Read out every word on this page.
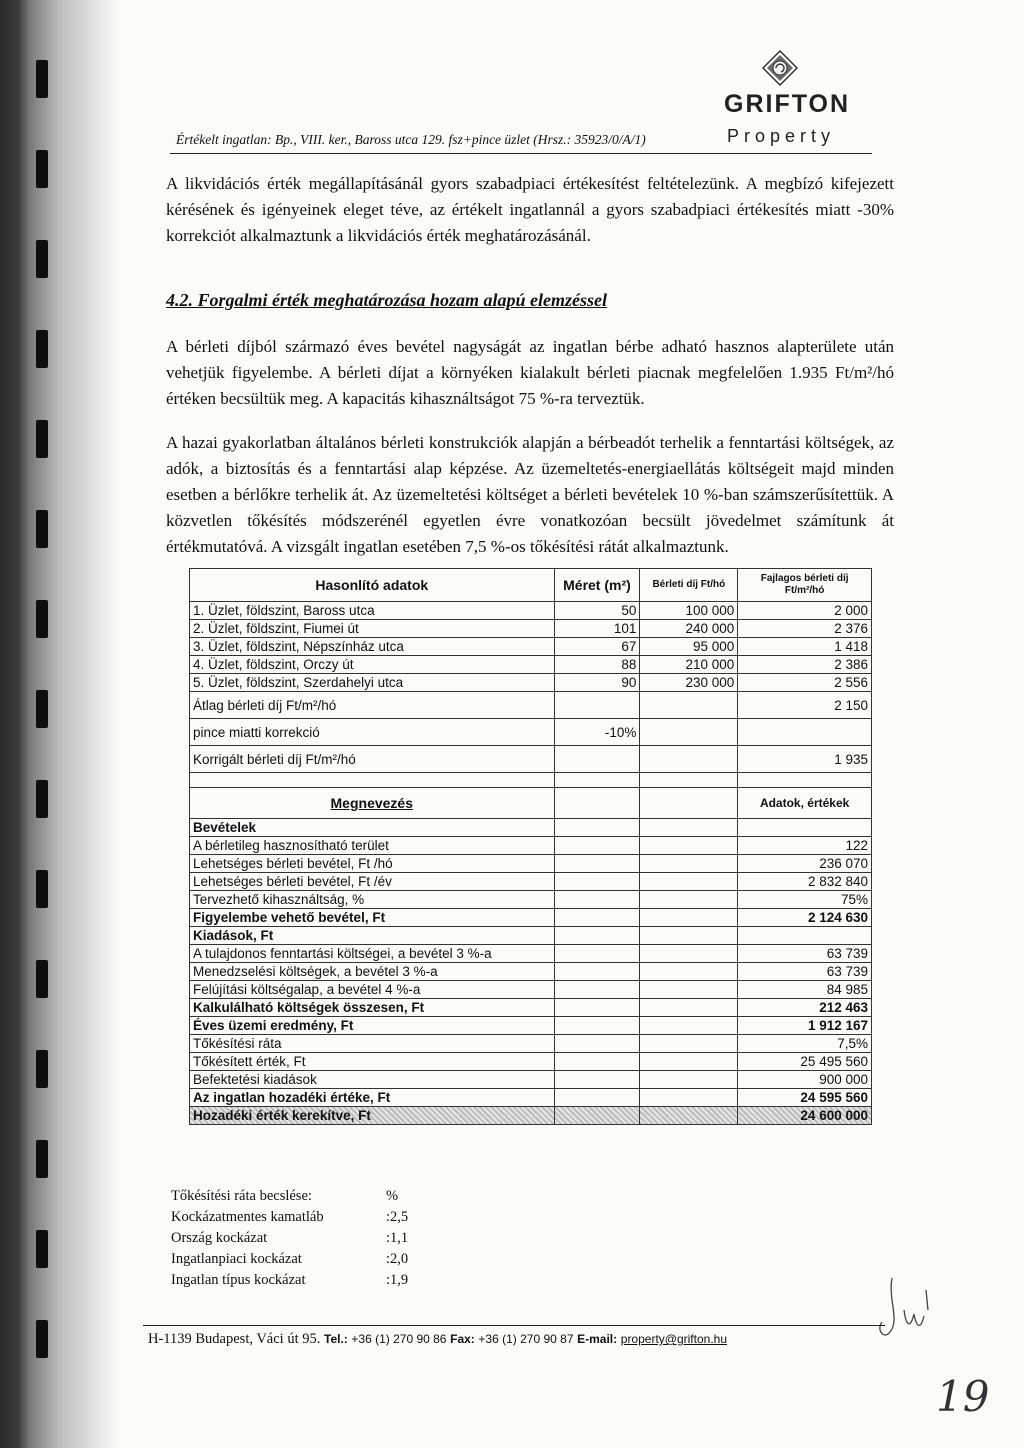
Értékelt ingatlan: Bp., VIII. ker., Baross utca 129. fsz+pince üzlet (Hrsz.: 35923/0/A/1)
GRIFTON
Property
A likvidációs érték megállapításánál gyors szabadpiaci értékesítést feltételezünk. A megbízó kifejezett kérésének és igényeinek eleget téve, az értékelt ingatlannál a gyors szabadpiaci értékesítés miatt -30% korrekciót alkalmaztunk a likvidációs érték meghatározásánál.
4.2. Forgalmi érték meghatározása hozam alapú elemzéssel
A bérleti díjból származó éves bevétel nagyságát az ingatlan bérbe adható hasznos alapterülete után vehetjük figyelembe. A bérleti díjat a környéken kialakult bérleti piacnak megfelelően 1.935 Ft/m²/hó értéken becsültük meg. A kapacitás kihasználtságot 75 %-ra terveztük.
A hazai gyakorlatban általános bérleti konstrukciók alapján a bérbeadót terhelik a fenntartási költségek, az adók, a biztosítás és a fenntartási alap képzése. Az üzemeltetés-energiaellátás költségeit majd minden esetben a bérlőkre terhelik át. Az üzemeltetési költséget a bérleti bevételek 10 %-ban számszerűsítettük. A közvetlen tőkésítés módszerénél egyetlen évre vonatkozóan becsült jövedelmet számítunk át értékmutatóvá. A vizsgált ingatlan esetében 7,5 %-os tőkésítési rátát alkalmaztunk.
Hasonlító adatok	Méret (m²)	Bérleti díj Ft/hó	Fajlagos bérleti díj Ft/m²/hó
1. Üzlet, földszint, Baross utca	50	100 000	2 000
2. Üzlet, földszint, Fiumei út	101	240 000	2 376
3. Üzlet, földszint, Népszínház utca	67	95 000	1 418
4. Üzlet, földszint, Orczy út	88	210 000	2 386
5. Üzlet, földszint, Szerdahelyi utca	90	230 000	2 556
Átlag bérleti díj Ft/m²/hó			2 150
pince miatti korrekció	-10%		
Korrigált bérleti díj Ft/m²/hó			1 935

Megnevezés			Adatok, értékek
Bevételek			
A bérletileg hasznosítható terület			122
Lehetséges bérleti bevétel, Ft /hó			236 070
Lehetséges bérleti bevétel, Ft /év			2 832 840
Tervezhető kihasználtság, %			75%
Figyelembe vehető bevétel, Ft			2 124 630
Kiadások, Ft			
A tulajdonos fenntartási költségei, a bevétel 3 %-a			63 739
Menedzselési költségek, a bevétel 3 %-a			63 739
Felújítási költségalap, a bevétel 4 %-a			84 985
Kalkulálható költségek összesen, Ft			212 463
Éves üzemi eredmény, Ft			1 912 167
Tőkésítési ráta			7,5%
Tőkésített érték, Ft			25 495 560
Befektetési kiadások			900 000
Az ingatlan hozadéki értéke, Ft			24 595 560
Hozadéki érték kerekítve, Ft			24 600 000
Tőkésítési ráta becslése:	%
Kockázatmentes kamatláb	:2,5
Ország kockázat	:1,1
Ingatlanpiaci kockázat	:2,0
Ingatlan típus kockázat	:1,9
19
H-1139 Budapest, Váci út 95. Tel.: +36 (1) 270 90 86 Fax: +36 (1) 270 90 87 E-mail: property@grifton.hu
